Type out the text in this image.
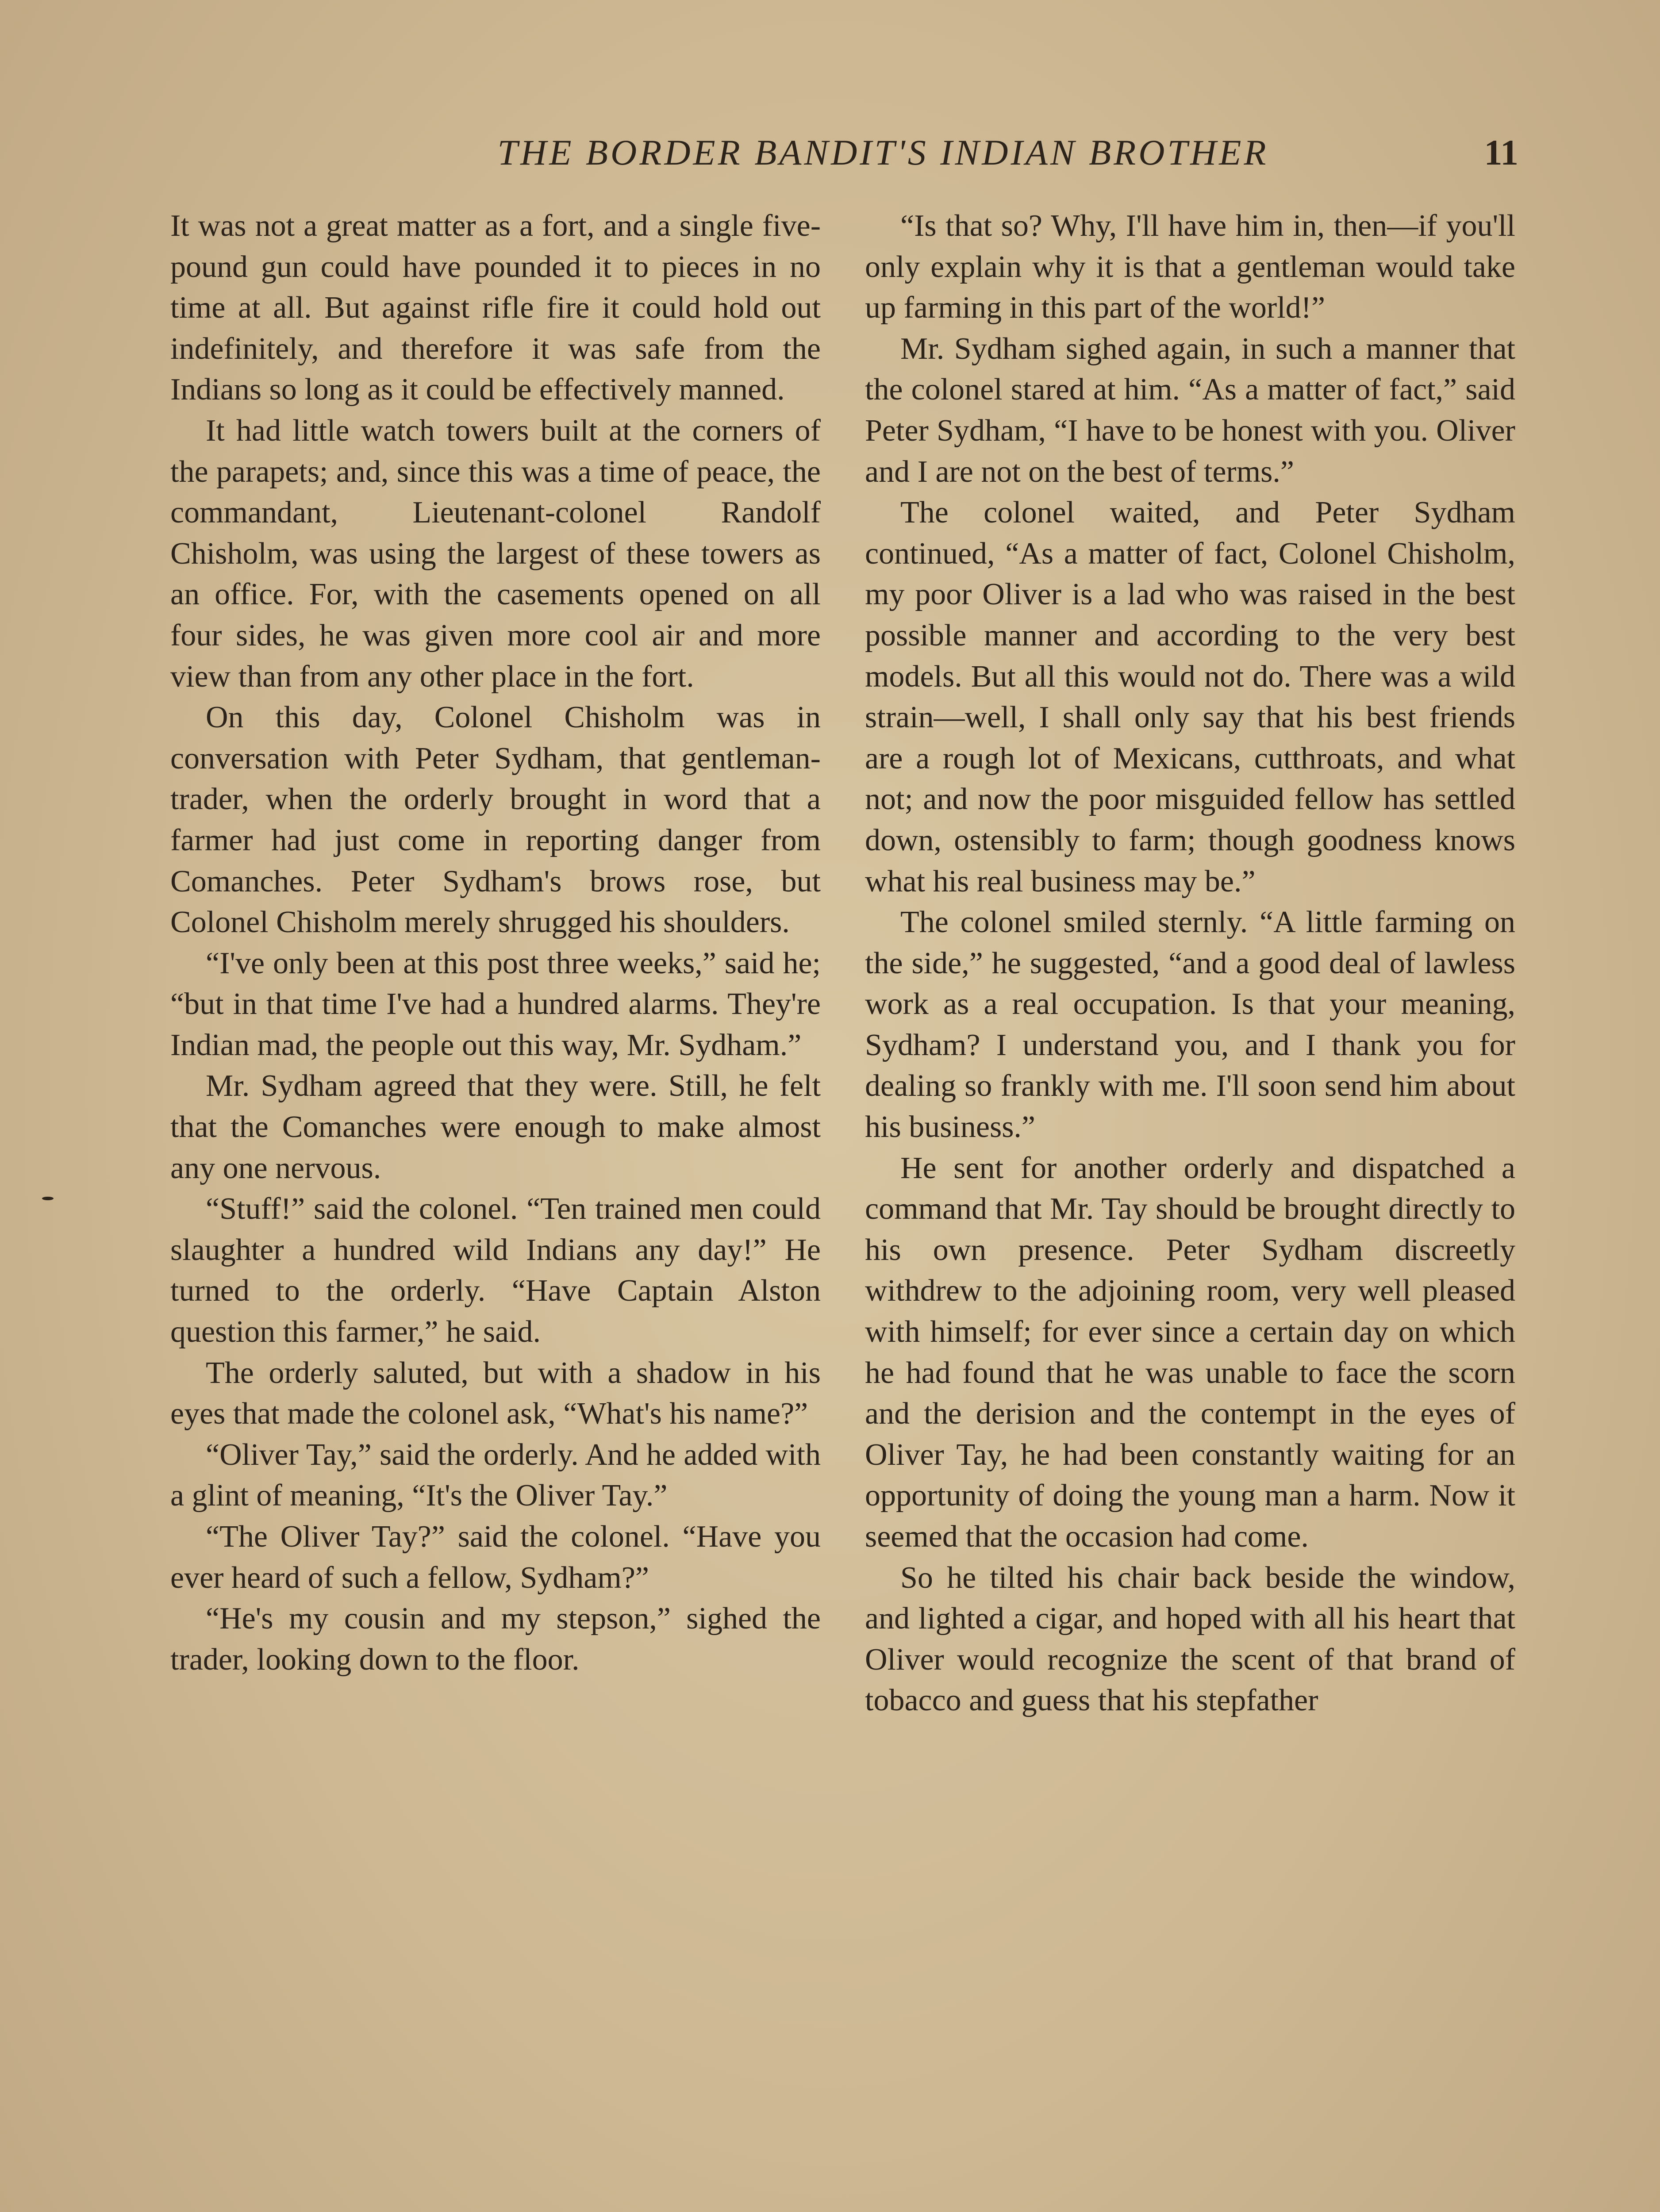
THE BORDER BANDIT'S INDIAN BROTHER	11

It was not a great matter as a fort, and a single five-pound gun could have pounded it to pieces in no time at all. But against rifle fire it could hold out indefinitely, and therefore it was safe from the Indians so long as it could be effectively manned.

It had little watch towers built at the corners of the parapets; and, since this was a time of peace, the commandant, Lieutenant-colonel Randolf Chisholm, was using the largest of these towers as an office. For, with the casements opened on all four sides, he was given more cool air and more view than from any other place in the fort.

On this day, Colonel Chisholm was in conversation with Peter Sydham, that gentleman-trader, when the orderly brought in word that a farmer had just come in reporting danger from Comanches. Peter Sydham's brows rose, but Colonel Chisholm merely shrugged his shoulders.

“I've only been at this post three weeks,” said he; “but in that time I've had a hundred alarms. They're Indian mad, the people out this way, Mr. Sydham.”

Mr. Sydham agreed that they were. Still, he felt that the Comanches were enough to make almost any one nervous.

“Stuff!” said the colonel. “Ten trained men could slaughter a hundred wild Indians any day!” He turned to the orderly. “Have Captain Alston question this farmer,” he said.

The orderly saluted, but with a shadow in his eyes that made the colonel ask, “What's his name?”

“Oliver Tay,” said the orderly. And he added with a glint of meaning, “It's the Oliver Tay.”

“The Oliver Tay?” said the colonel. “Have you ever heard of such a fellow, Sydham?”

“He's my cousin and my stepson,” sighed the trader, looking down to the floor.

“Is that so? Why, I'll have him in, then—if you'll only explain why it is that a gentleman would take up farming in this part of the world!”

Mr. Sydham sighed again, in such a manner that the colonel stared at him. “As a matter of fact,” said Peter Sydham, “I have to be honest with you. Oliver and I are not on the best of terms.”

The colonel waited, and Peter Sydham continued, “As a matter of fact, Colonel Chisholm, my poor Oliver is a lad who was raised in the best possible manner and according to the very best models. But all this would not do. There was a wild strain—well, I shall only say that his best friends are a rough lot of Mexicans, cutthroats, and what not; and now the poor misguided fellow has settled down, ostensibly to farm; though goodness knows what his real business may be.”

The colonel smiled sternly. “A little farming on the side,” he suggested, “and a good deal of lawless work as a real occupation. Is that your meaning, Sydham? I understand you, and I thank you for dealing so frankly with me. I'll soon send him about his business.”

He sent for another orderly and dispatched a command that Mr. Tay should be brought directly to his own presence. Peter Sydham discreetly withdrew to the adjoining room, very well pleased with himself; for ever since a certain day on which he had found that he was unable to face the scorn and the derision and the contempt in the eyes of Oliver Tay, he had been constantly waiting for an opportunity of doing the young man a harm. Now it seemed that the occasion had come.

So he tilted his chair back beside the window, and lighted a cigar, and hoped with all his heart that Oliver would recognize the scent of that brand of tobacco and guess that his stepfather
